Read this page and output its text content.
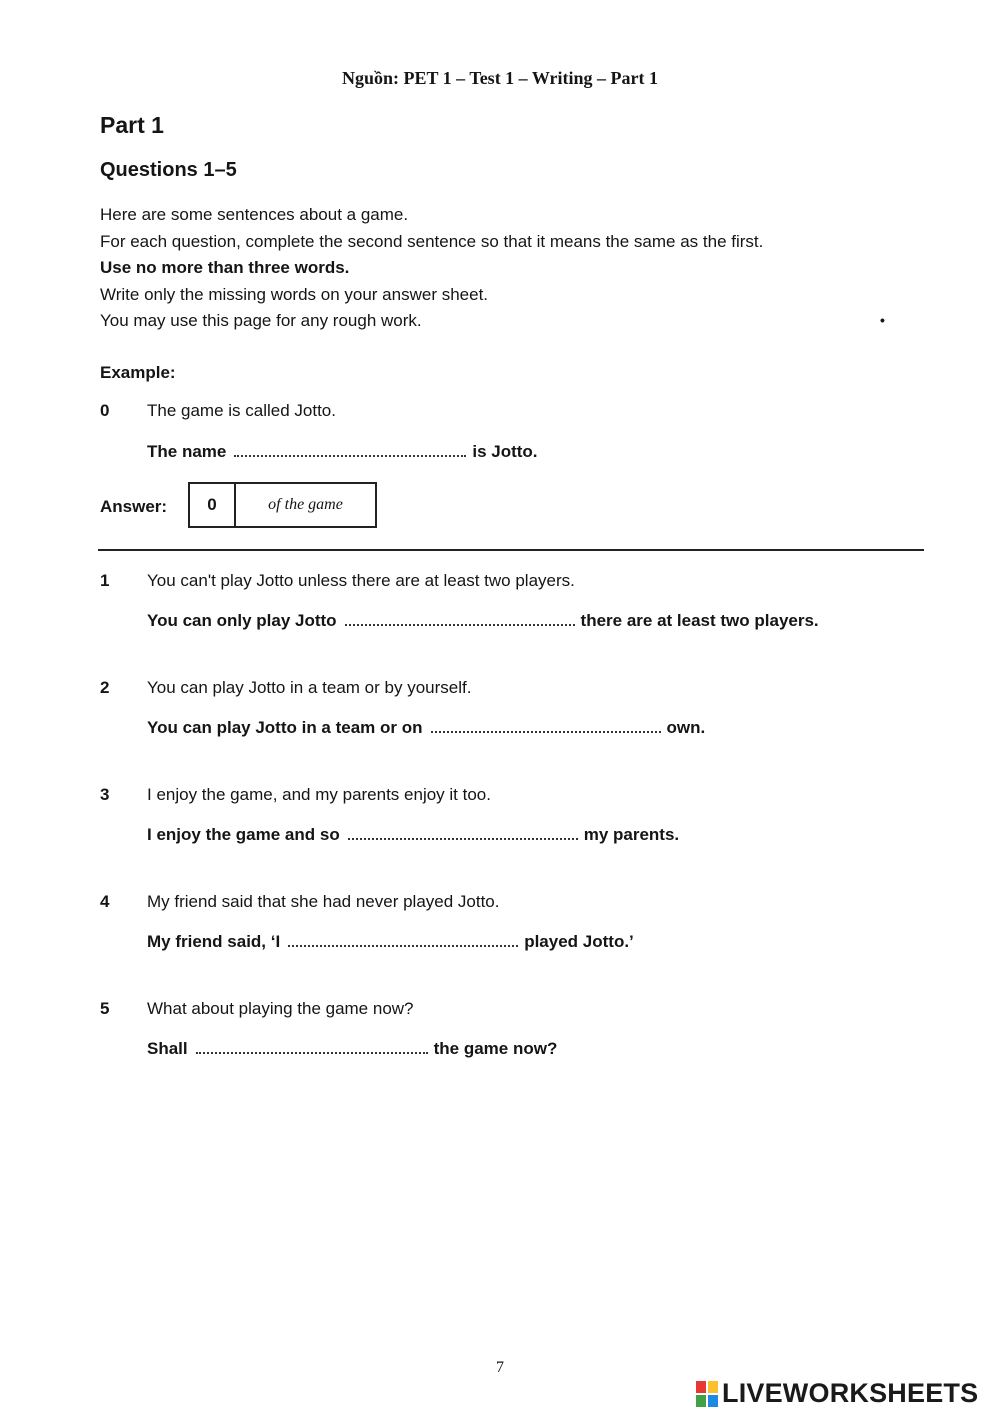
Nguồn: PET 1 – Test 1 – Writing – Part 1
Part 1
Questions 1–5
Here are some sentences about a game.
For each question, complete the second sentence so that it means the same as the first.
Use no more than three words.
Write only the missing words on your answer sheet.
You may use this page for any rough work.	•
Example:
0	The game is called Jotto.
The name	is Jotto.
Answer:	0	of the game
1	You can't play Jotto unless there are at least two players.
You can only play Jotto	there are at least two players.
2	You can play Jotto in a team or by yourself.
You can play Jotto in a team or on	own.
3	I enjoy the game, and my parents enjoy it too.
I enjoy the game and so	my parents.
4	My friend said that she had never played Jotto.
My friend said, ‘I	played Jotto.’
5	What about playing the game now?
Shall	the game now?
7
LIVEWORKSHEETS
